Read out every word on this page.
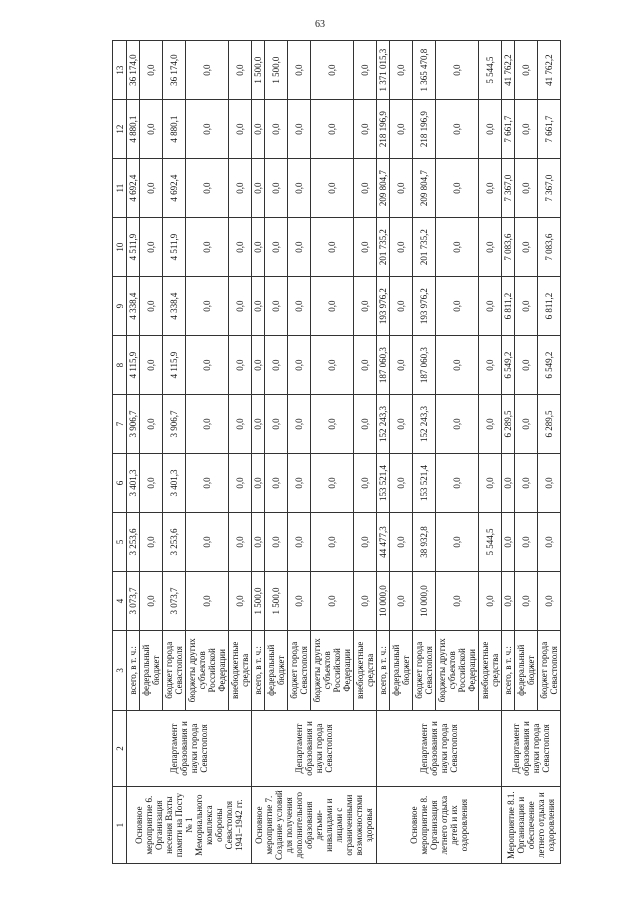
63
1	2	3	4	5	6	7	8	9	10	11	12	13
Основное мероприятие 6. Организация несения Вахты памяти на Посту № 1 Мемориального комплекса обороны Севастополя 1941–1942 гг.	Департамент образования и науки города Севастополя	всего, в т. ч.:	3 073,7	3 253,6	3 401,3	3 906,7	4 115,9	4 338,4	4 511,9	4 692,4	4 880,1	36 174,0
		федеральный бюджет	0,0	0,0	0,0	0,0	0,0	0,0	0,0	0,0	0,0	0,0
		бюджет города Севастополя	3 073,7	3 253,6	3 401,3	3 906,7	4 115,9	4 338,4	4 511,9	4 692,4	4 880,1	36 174,0
		бюджеты других субъектов Российской Федерации	0,0	0,0	0,0	0,0	0,0	0,0	0,0	0,0	0,0	0,0
		внебюджетные средства	0,0	0,0	0,0	0,0	0,0	0,0	0,0	0,0	0,0	0,0
Основное мероприятие 7. Создание условий для получения дополнительного образования детьми-инвалидами и лицами с ограниченными возможностями здоровья	Департамент образования и науки города Севастополя	всего, в т. ч.:	1 500,0	0,0	0,0	0,0	0,0	0,0	0,0	0,0	0,0	1 500,0
		федеральный бюджет	1 500,0	0,0	0,0	0,0	0,0	0,0	0,0	0,0	0,0	1 500,0
		бюджет города Севастополя	0,0	0,0	0,0	0,0	0,0	0,0	0,0	0,0	0,0	0,0
		бюджеты других субъектов Российской Федерации	0,0	0,0	0,0	0,0	0,0	0,0	0,0	0,0	0,0	0,0
		внебюджетные средства	0,0	0,0	0,0	0,0	0,0	0,0	0,0	0,0	0,0	0,0
Основное мероприятие 8. Организация летнего отдыха детей и их оздоровления	Департамент образования и науки города Севастополя	всего, в т. ч.:	10 000,0	44 477,3	153 521,4	152 243,3	187 060,3	193 976,2	201 735,2	209 804,7	218 196,9	1 371 015,3
		федеральный бюджет	0,0	0,0	0,0	0,0	0,0	0,0	0,0	0,0	0,0	0,0
		бюджет города Севастополя	10 000,0	38 932,8	153 521,4	152 243,3	187 060,3	193 976,2	201 735,2	209 804,7	218 196,9	1 365 470,8
		бюджеты других субъектов Российской Федерации	0,0	0,0	0,0	0,0	0,0	0,0	0,0	0,0	0,0	0,0
		внебюджетные средства	0,0	5 544,5	0,0	0,0	0,0	0,0	0,0	0,0	0,0	5 544,5
Мероприятие 8.1. Организация и обеспечение летнего отдыха и оздоровления	Департамент образования и науки города Севастополя	всего, в т. ч.:	0,0	0,0	0,0	6 289,5	6 549,2	6 811,2	7 083,6	7 367,0	7 661,7	41 762,2
		федеральный бюджет	0,0	0,0	0,0	0,0	0,0	0,0	0,0	0,0	0,0	0,0
		бюджет города Севастополя	0,0	0,0	0,0	6 289,5	6 549,2	6 811,2	7 083,6	7 367,0	7 661,7	41 762,2
